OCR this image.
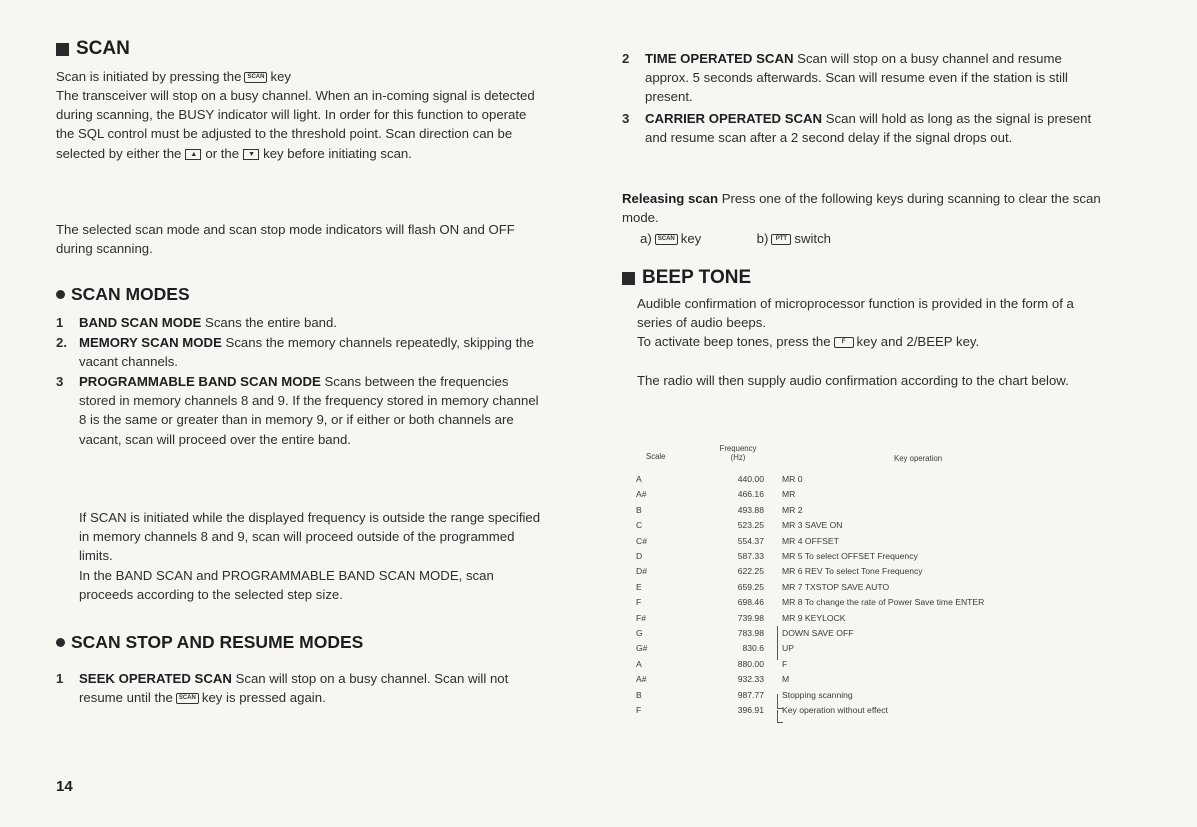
SCAN

Scan is initiated by pressing the SCAN key

The transceiver will stop on a busy channel. When an in-coming signal is detected during scanning, the BUSY indicator will light. In order for this function to operate the SQL control must be adjusted to the threshold point. Scan direction can be selected by either the ▲ or the ▼ key before initiating scan.

The selected scan mode and scan stop mode indicators will flash ON and OFF during scanning.

SCAN MODES

1 BAND SCAN MODE Scans the entire band.

2. MEMORY SCAN MODE Scans the memory channels repeatedly, skipping the vacant channels.

3 PROGRAMMABLE BAND SCAN MODE Scans between the frequencies stored in memory channels 8 and 9. If the frequency stored in memory channel 8 is the same or greater than in memory 9, or if either or both channels are vacant, scan will proceed over the entire band.

If SCAN is initiated while the displayed frequency is outside the range specified in memory channels 8 and 9, scan will proceed outside of the programmed limits.

In the BAND SCAN and PROGRAMMABLE BAND SCAN MODE, scan proceeds according to the selected step size.

SCAN STOP AND RESUME MODES

1 SEEK OPERATED SCAN Scan will stop on a busy channel. Scan will not resume until the SCAN key is pressed again.

2 TIME OPERATED SCAN Scan will stop on a busy channel and resume approx. 5 seconds afterwards. Scan will resume even if the station is still present.

3 CARRIER OPERATED SCAN Scan will hold as long as the signal is present and resume scan after a 2 second delay if the signal drops out.

Releasing scan Press one of the following keys during scanning to clear the scan mode.

a) SCAN key	b) PTT switch

BEEP TONE

Audible confirmation of microprocessor function is provided in the form of a series of audio beeps.

To activate beep tones, press the F key and 2/BEEP key.

The radio will then supply audio confirmation according to the chart below.

Scale
Frequency (Hz)	Key operation
A	440.00 MR 0
A#	466.16 MR
B	493.88 MR 2
C	523.25 MR 3 SAVE ON
C#	554.37 MR 4 OFFSET
D	587.33 MR 5 To select OFFSET Frequency
D#	622.25 MR 6 REV To select Tone Frequency
E	659.25 MR 7 TXSTOP SAVE AUTO
F	698.46 MR 8 To change the rate of Power Save time ENTER
F#	739.98 MR 9 KEYLOCK
G	783.98 DOWN SAVE OFF
G#	830.6 UP
A	880.00 F
A#	932.33 M
B	987.77 Stopping scanning
F	396.91 Key operation without effect
14
